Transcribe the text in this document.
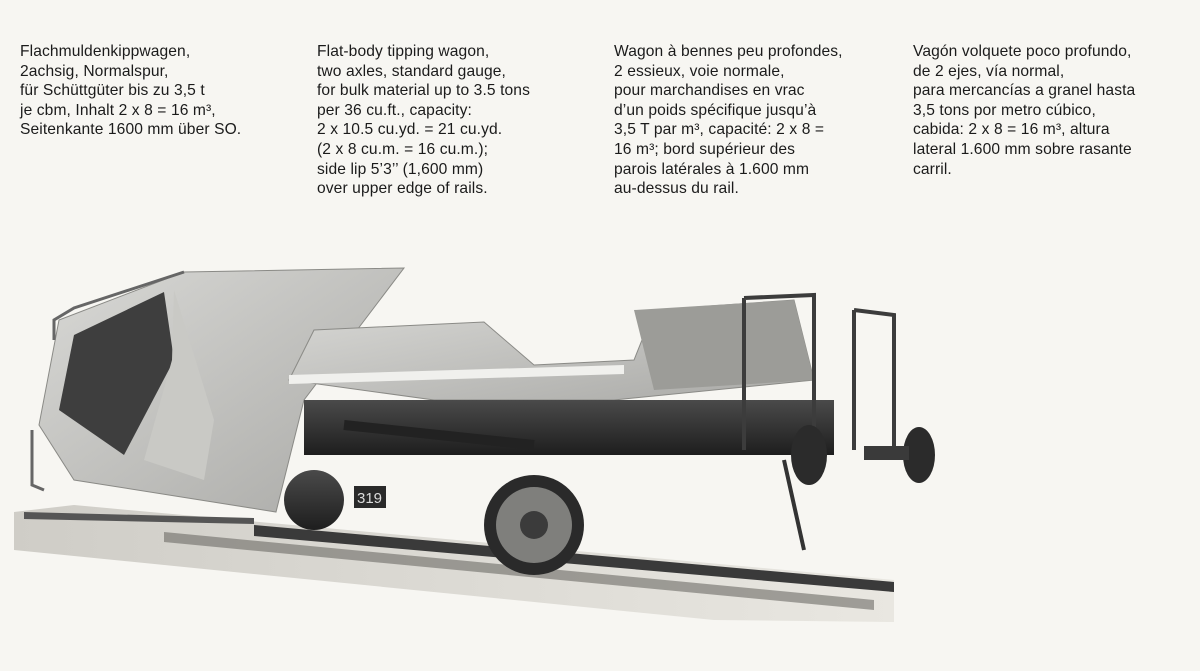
Flachmuldenkippwagen,
2achsig, Normalspur,
für Schüttgüter bis zu 3,5 t
je cbm, Inhalt 2 x 8 = 16 m³,
Seitenkante 1600 mm über SO.
Flat-body tipping wagon,
two axles, standard gauge,
for bulk material up to 3.5 tons
per 36 cu.ft., capacity:
2 x 10.5 cu.yd. = 21 cu.yd.
(2 x 8 cu.m. = 16 cu.m.);
side lip 5’3’’ (1,600 mm)
over upper edge of rails.
Wagon à bennes peu profondes,
2 essieux, voie normale,
pour marchandises en vrac
d’un poids spécifique jusqu’à
3,5 T par m³, capacité: 2 x 8 =
16 m³; bord supérieur des
parois latérales à 1.600 mm
au-dessus du rail.
Vagón volquete poco profundo,
de 2 ejes, vía normal,
para mercancías a granel hasta
3,5 tons por metro cúbico,
cabida: 2 x 8 = 16 m³, altura
lateral 1.600 mm sobre rasante
carril.
319
